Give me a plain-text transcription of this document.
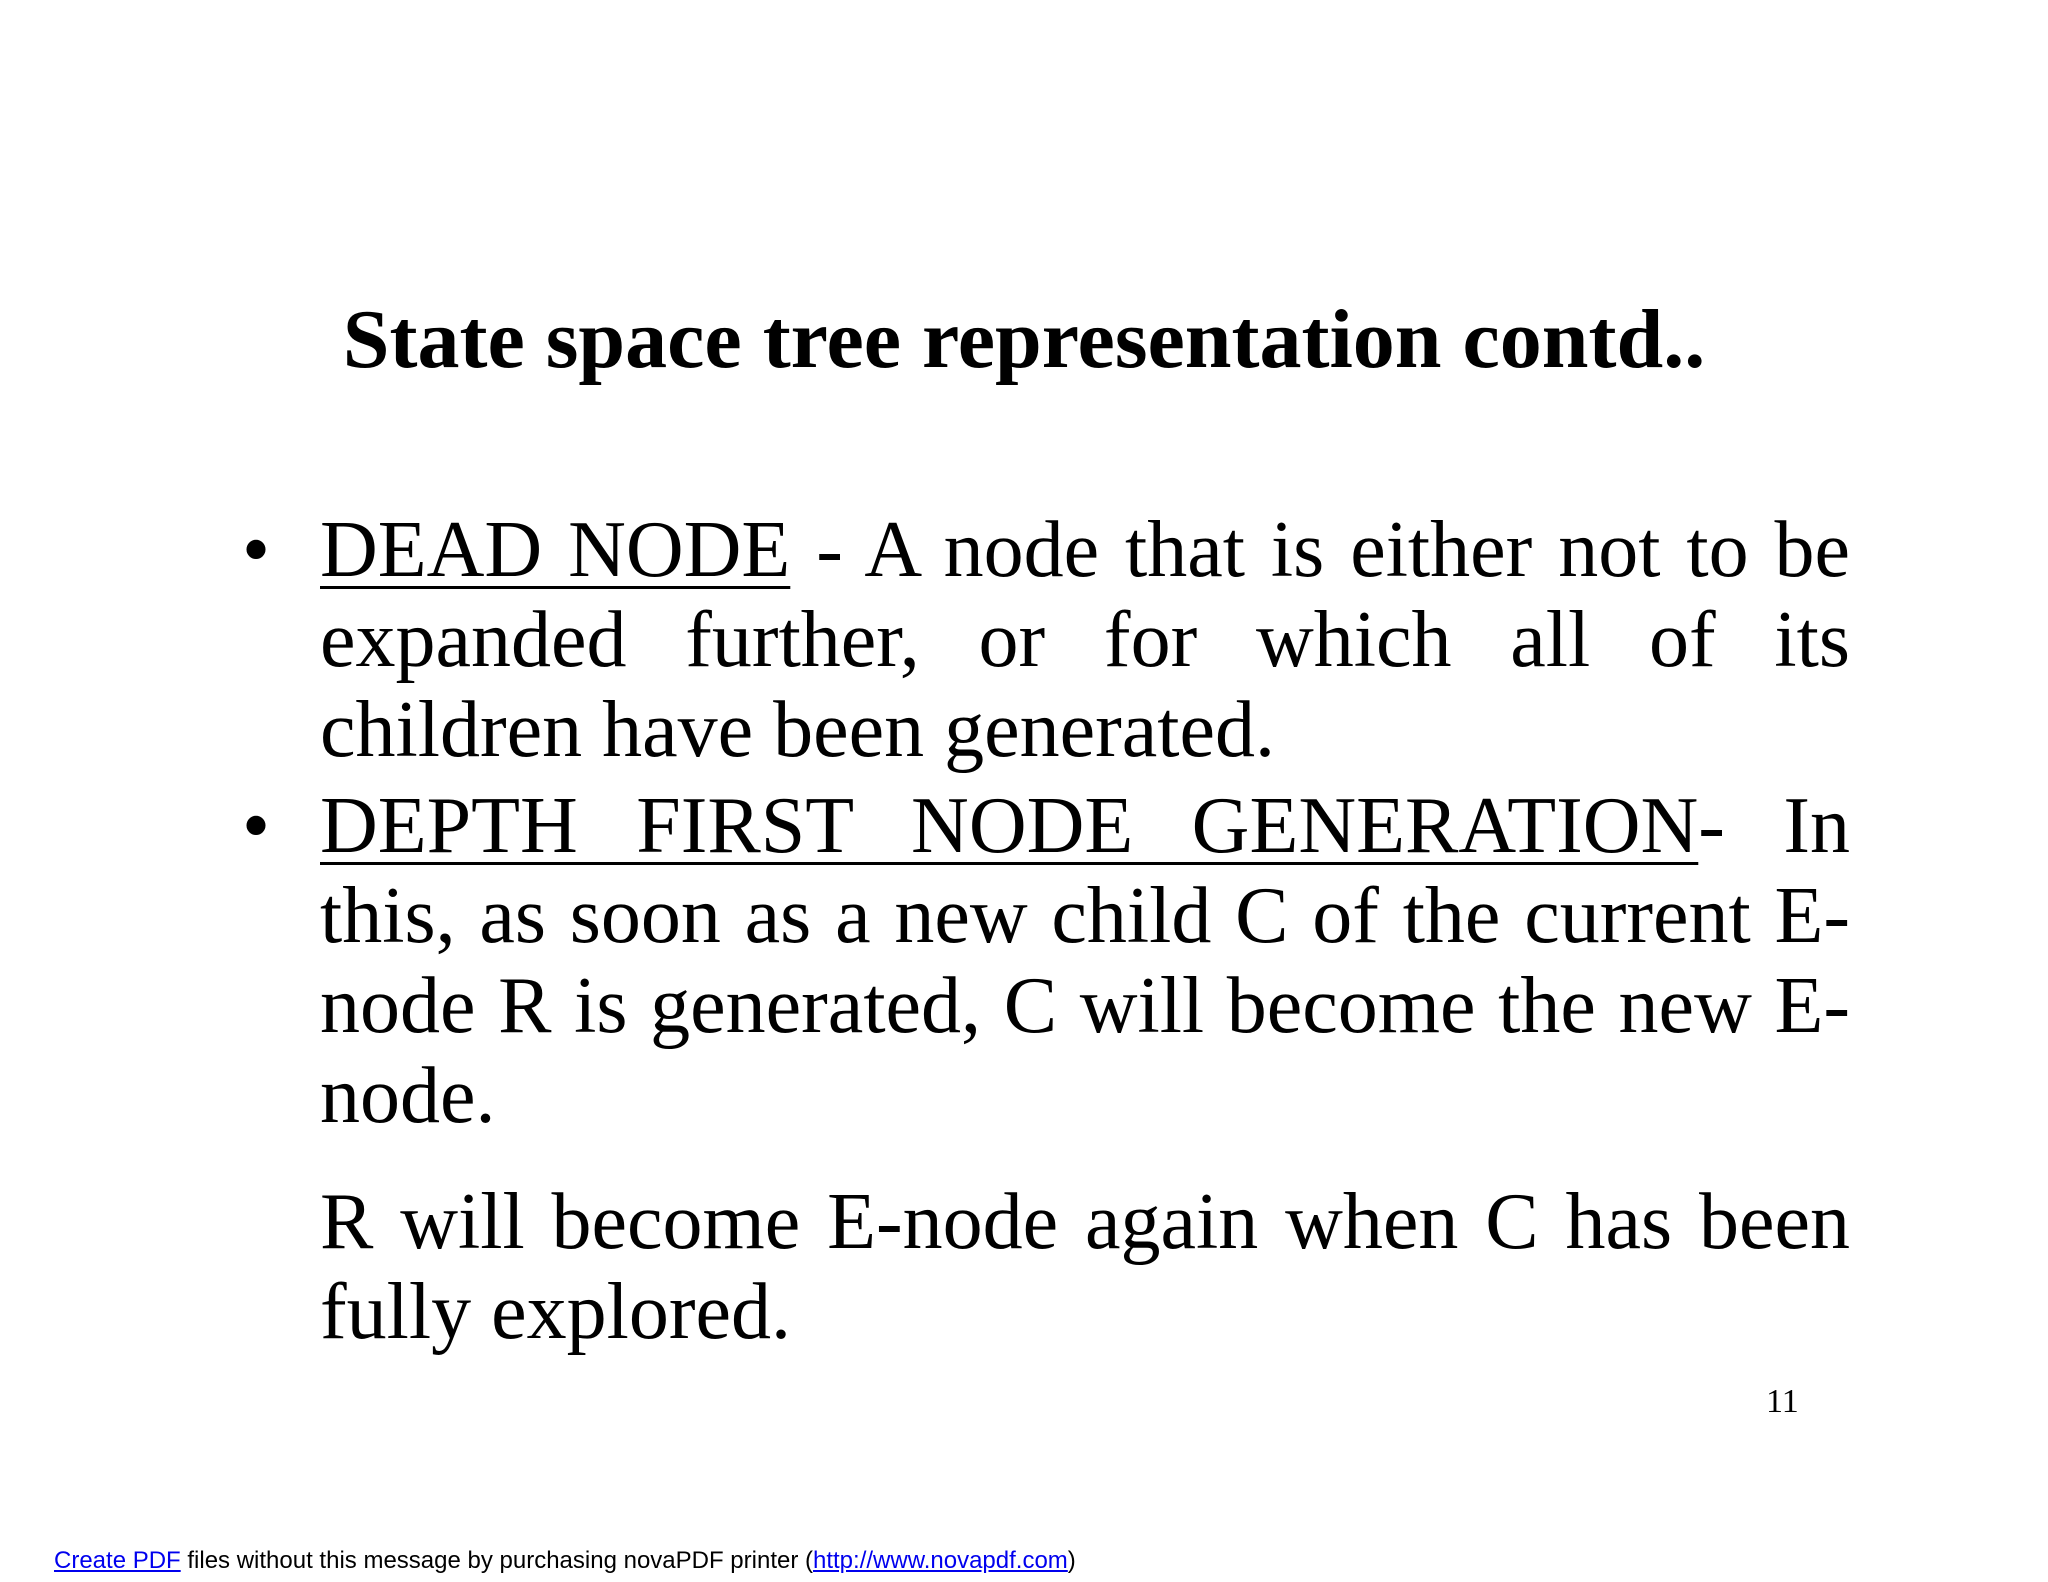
State space tree representation contd..
• DEAD NODE - A node that is either not to be expanded further, or for which all of its children have been generated.
• DEPTH FIRST NODE GENERATION- In this, as soon as a new child C of the current E-node R is generated, C will become the new E-node.

R will become E-node again when C has been fully explored.

11
Create PDF files without this message by purchasing novaPDF printer (http://www.novapdf.com)
